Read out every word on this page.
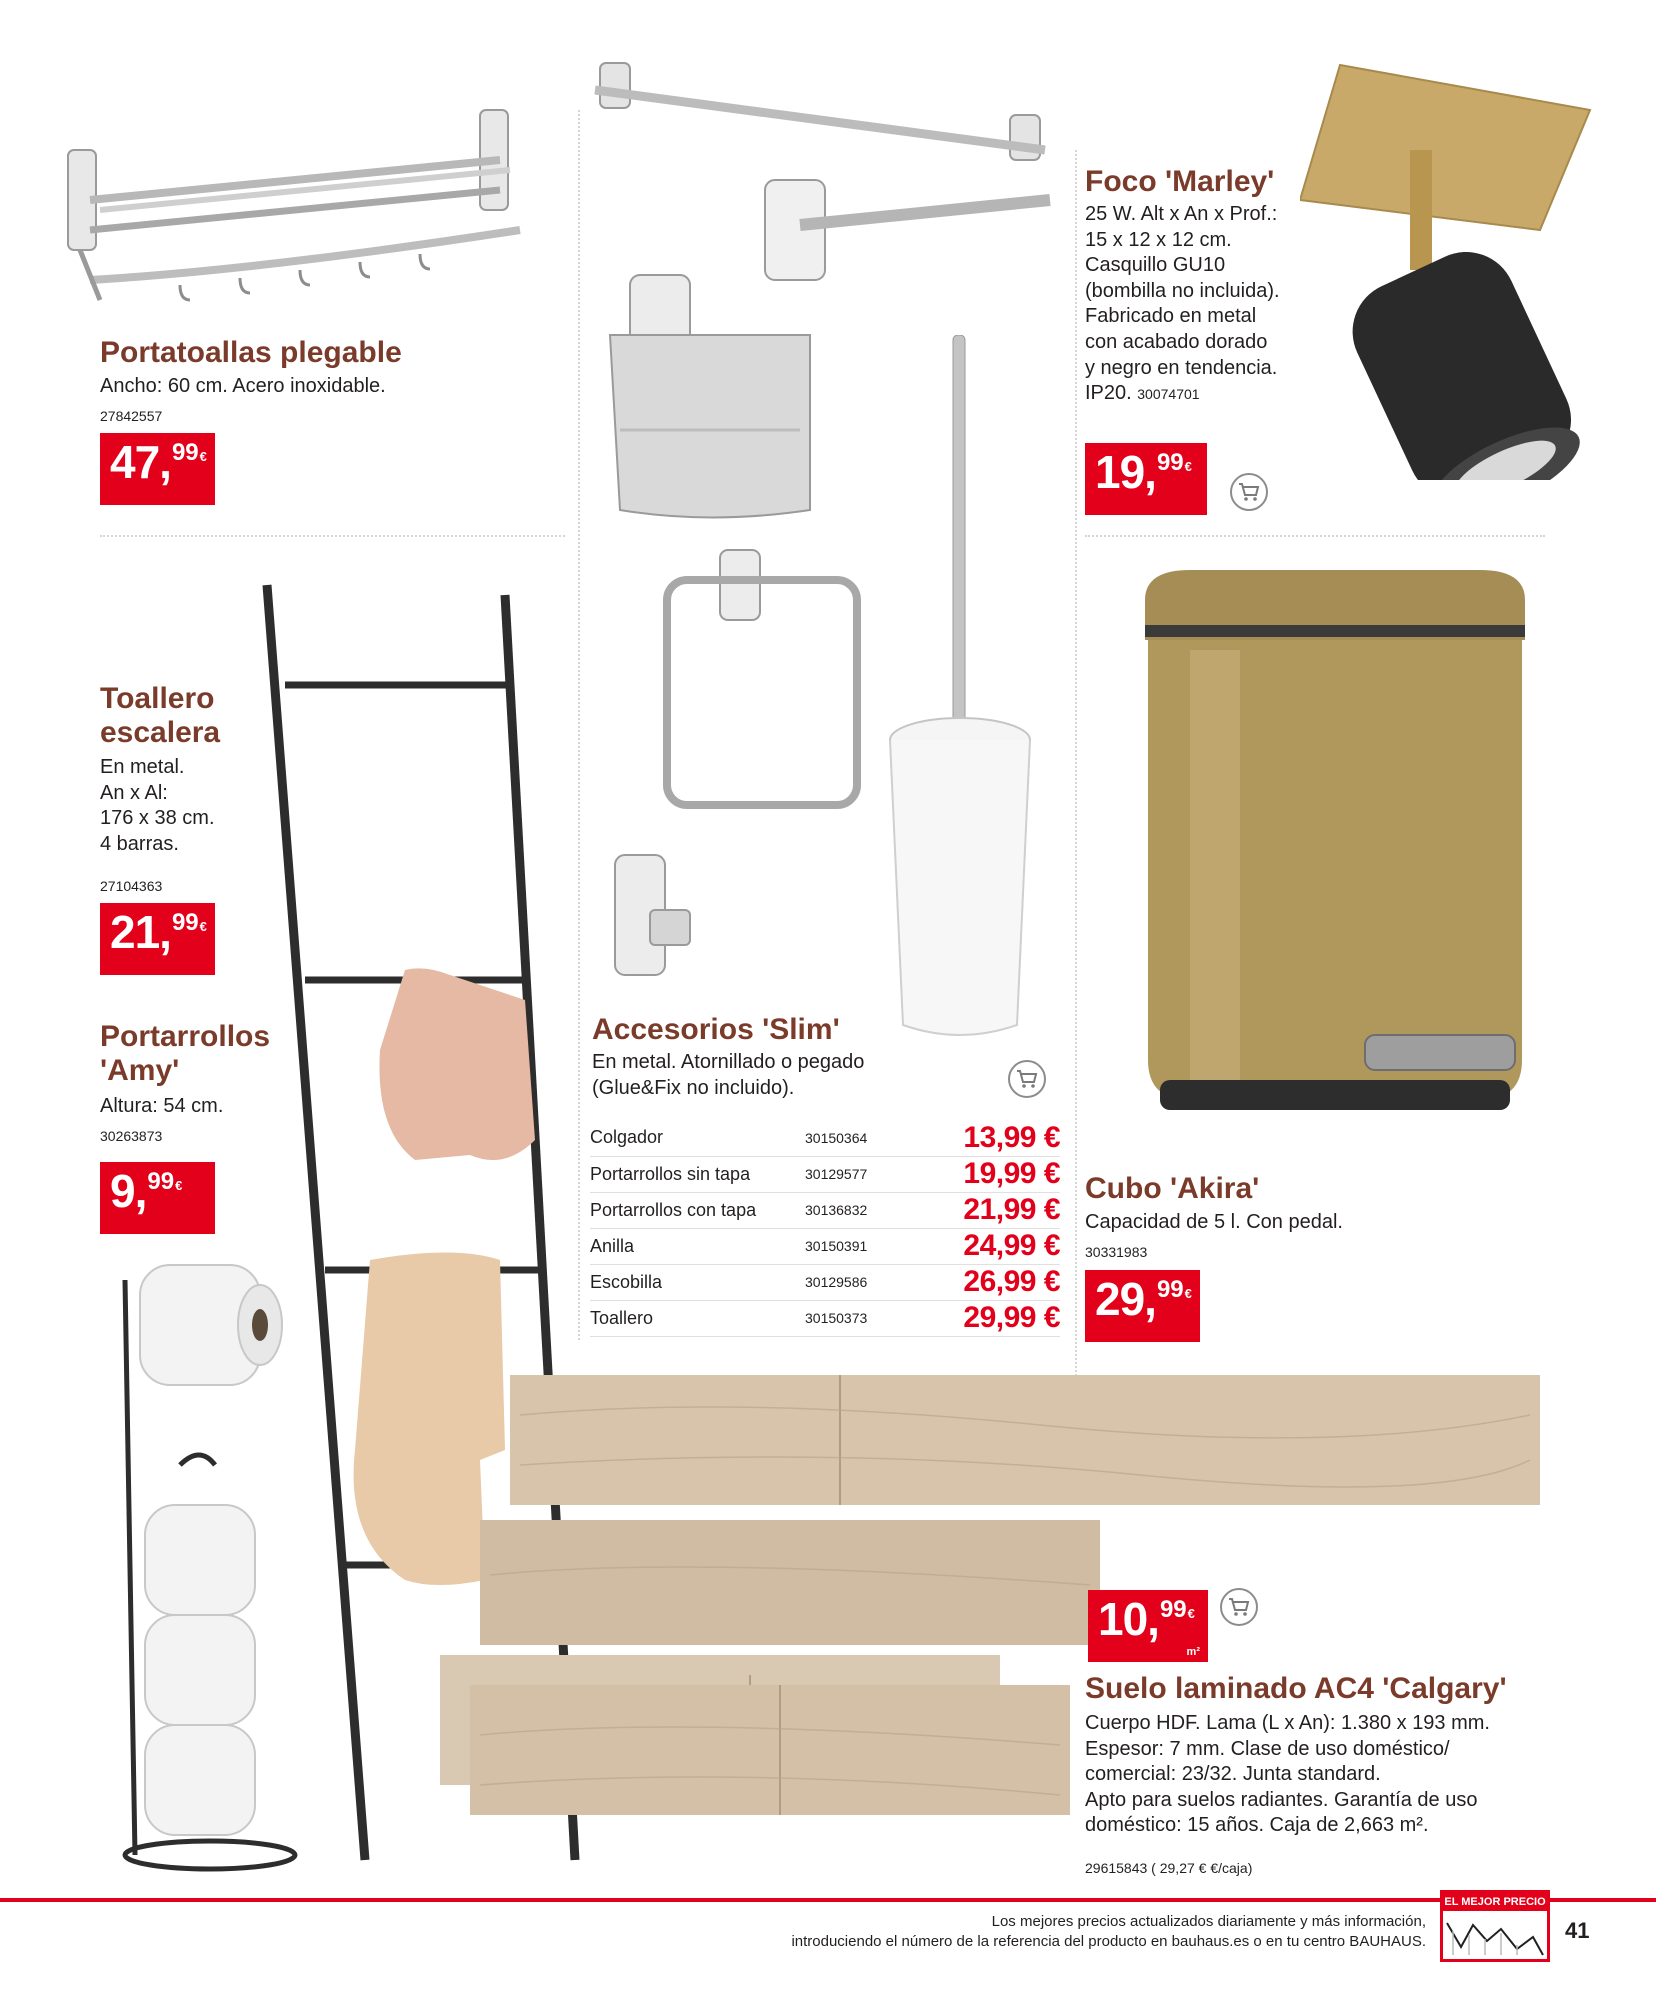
Portatoallas plegable
Ancho: 60 cm. Acero inoxidable.
27842557
47 , 99 €
Toallero
escalera
En metal.
An x Al:
176 x 38 cm.
4 barras.
27104363
21 , 99 €
Portarrollos
'Amy'
Altura: 54 cm.
30263873
9 , 99 €
Accesorios 'Slim'
En metal. Atornillado o pegado
(Glue&Fix no incluido).
Colgador	30150364	13,99 €
Portarrollos sin tapa	30129577	19,99 €
Portarrollos con tapa	30136832	21,99 €
Anilla	30150391	24,99 €
Escobilla	30129586	26,99 €
Toallero	30150373	29,99 €
Foco 'Marley'
25 W. Alt x An x Prof.:
15 x 12 x 12 cm.
Casquillo GU10
(bombilla no incluida).
Fabricado en metal
con acabado dorado
y negro en tendencia.
IP20. 30074701
19 , 99 €
Cubo 'Akira'
Capacidad de 5 l. Con pedal.
30331983
29 , 99 €
10 , 99 €
m²
Suelo laminado AC4 'Calgary'
Cuerpo HDF. Lama (L x An): 1.380 x 193 mm.
Espesor: 7 mm. Clase de uso doméstico/
comercial: 23/32. Junta standard.
Apto para suelos radiantes. Garantía de uso
doméstico: 15 años. Caja de 2,663 m².
29615843 ( 29,27 € €/caja)
Los mejores precios actualizados diariamente y más información,
introduciendo el número de la referencia del producto en bauhaus.es o en tu centro BAUHAUS.
EL MEJOR PRECIO
41
